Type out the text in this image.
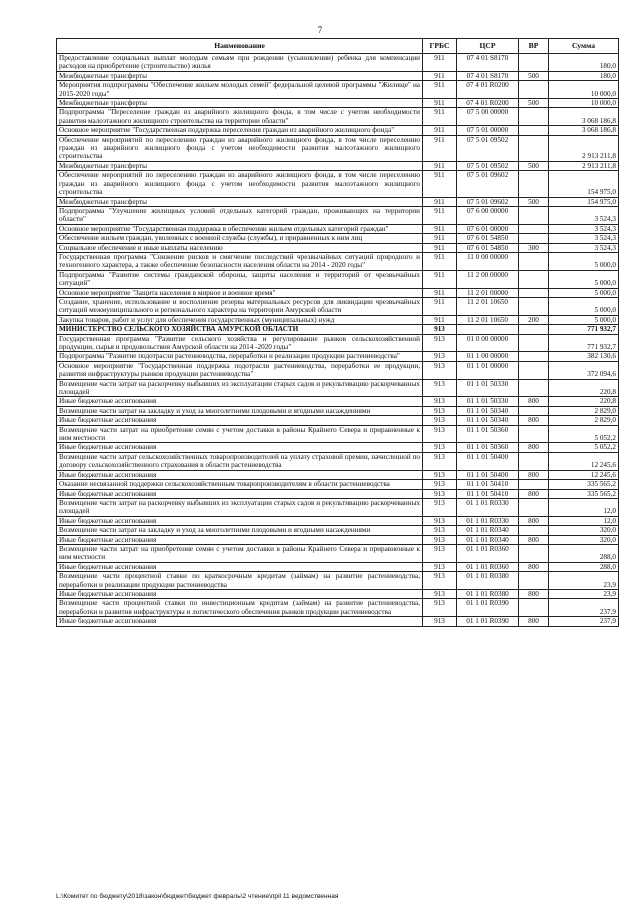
7
Наименование	ГРБС	ЦСР	ВР	Сумма
Предоставление социальных выплат молодым семьям при рождении (усыновлении) ребенка для компенсации расходов на приобретение (строительство) жилья	911	07 4 01 S8170		180,0
Межбюджетные трансферты	911	07 4 01 S8170	500	180,0
Мероприятия подпрограммы "Обеспечение жильем молодых семей" федеральной целевой программы "Жилище" на 2015-2020 годы"	911	07 4 01 R0200		10 000,0
Межбюджетные трансферты	911	07 4 01 R0200	500	10 000,0
Подпрограмма "Переселение граждан из аварийного жилищного фонда, в том числе с учетом необходимости развития малоэтажного жилищного строительства на территории области"	911	07 5 00 00000		3 068 186,8
Основное мероприятие "Государственная поддержка переселения граждан из аварийного жилищного фонда"	911	07 5 01 00000		3 068 186,8
Обеспечение мероприятий по переселению граждан из аварийного жилищного фонда, в том числе переселению граждан из аварийного жилищного фонда с учетом необходимости развития малоэтажного жилищного строительства	911	07 5 01 09502		2 913 211,8
Межбюджетные трансферты	911	07 5 01 09502	500	2 913 211,8
Обеспечение мероприятий по переселению граждан из аварийного жилищного фонда, в том числе переселению граждан из аварийного жилищного фонда с учетом необходимости развития малоэтажного жилищного строительства	911	07 5 01 09602		154 975,0
Межбюджетные трансферты	911	07 5 01 09602	500	154 975,0
Подпрограмма "Улучшение жилищных условий отдельных категорий граждан, проживающих на территории области"	911	07 6 00 00000		3 524,3
Основное мероприятие "Государственная поддержка в обеспечении жильем отдельных категорий граждан"	911	07 6 01 00000		3 524,3
Обеспечение жильем граждан, уволенных с военной службы (службы), и приравненных к ним лиц	911	07 6 01 54850		3 524,3
Социальное обеспечение и иные выплаты населению	911	07 6 01 54850	300	3 524,3
Государственная программа "Снижение рисков и смягчение последствий чрезвычайных ситуаций природного и техногенного характера, а также обеспечение безопасности населения области на 2014 - 2020 годы"	911	11 0 00 00000		5 000,0
Подпрограмма "Развитие системы гражданской обороны, защиты населения и территорий от чрезвычайных ситуаций"	911	11 2 00 00000		5 000,0
Основное мероприятие "Защита населения в мирное и военное время"	911	11 2 01 00000		5 000,0
Создание, хранение, использование и восполнение резерва материальных ресурсов для ликвидации чрезвычайных ситуаций межмуниципального и регионального характера на территории Амурской области	911	11 2 01 10650		5 000,0
Закупка товаров, работ и услуг для обеспечения государственных (муниципальных) нужд	911	11 2 01 10650	200	5 000,0
МИНИСТЕРСТВО СЕЛЬСКОГО ХОЗЯЙСТВА АМУРСКОЙ ОБЛАСТИ	913			771 932,7
Государственная программа "Развитие сельского хозяйства и регулирование рынков сельскохозяйственной продукции, сырья и продовольствия Амурской области на 2014 -2020 годы"	913	01 0 00 00000		771 932,7
Подпрограмма "Развитие подотрасли растениеводства, переработки и реализации продукции растениеводства"	913	01 1 00 00000		382 130,6
Основное мероприятие "Государственная поддержка подотрасли растениеводства, переработки ее продукции, развития инфраструктуры рынков продукции растениеводства"	913	01 1 01 00000		372 094,6
Возмещение части затрат на раскорчевку выбывших из эксплуатации старых садов и рекультивацию раскорчеванных площадей	913	01 1 01 50330		220,8
Иные бюджетные ассигнования	913	01 1 01 50330	800	220,8
Возмещение части затрат на закладку и уход за многолетними плодовыми и ягодными насаждениями	913	01 1 01 50340		2 829,0
Иные бюджетные ассигнования	913	01 1 01 50340	800	2 829,0
Возмещение части затрат на приобретение семян с учетом доставки в районы Крайнего Севера и приравненные к ним местности	913	01 1 01 50360		5 052,2
Иные бюджетные ассигнования	913	01 1 01 50360	800	5 052,2
Возмещение части затрат сельскохозяйственных товаропроизводителей на уплату страховой премии, начисленной по договору сельскохозяйственного страхования в области растениеводства	913	01 1 01 50400		12 245,6
Иные бюджетные ассигнования	913	01 1 01 50400	800	12 245,6
Оказание несвязанной поддержки сельскохозяйственным товаропроизводителям в области растениеводства	913	01 1 01 50410		335 565,2
Иные бюджетные ассигнования	913	01 1 01 50410	800	335 565,2
Возмещение части затрат на раскорчевку выбывших из эксплуатации старых садов и рекультивацию раскорчеванных площадей	913	01 1 01 R0330		12,0
Иные бюджетные ассигнования	913	01 1 01 R0330	800	12,0
Возмещение части затрат на закладку и уход за многолетними плодовыми и ягодными насаждениями	913	01 1 01 R0340		320,0
Иные бюджетные ассигнования	913	01 1 01 R0340	800	320,0
Возмещение части затрат на приобретение семян с учетом доставки в районы Крайнего Севера и приравненные к ним местности	913	01 1 01 R0360		288,0
Иные бюджетные ассигнования	913	01 1 01 R0360	800	288,0
Возмещение части процентной ставки по краткосрочным кредитам (займам) на развитие растениеводства, переработки и реализации продукции растениеводства	913	01 1 01 R0380		23,9
Иные бюджетные ассигнования	913	01 1 01 R0380	800	23,9
Возмещение части процентной ставки по инвестиционным кредитам (займам) на развитие растениеводства, переработки и развития инфраструктуры и логистического обеспечения рынков продукции растениеводства	913	01 1 01 R0390		237,9
Иные бюджетные ассигнования	913	01 1 01 R0390	800	237,9
L:\Комитет по бюджету\2018\закон\бюджет\бюджет февраль\2 чтение\прil 11 ведомственная
